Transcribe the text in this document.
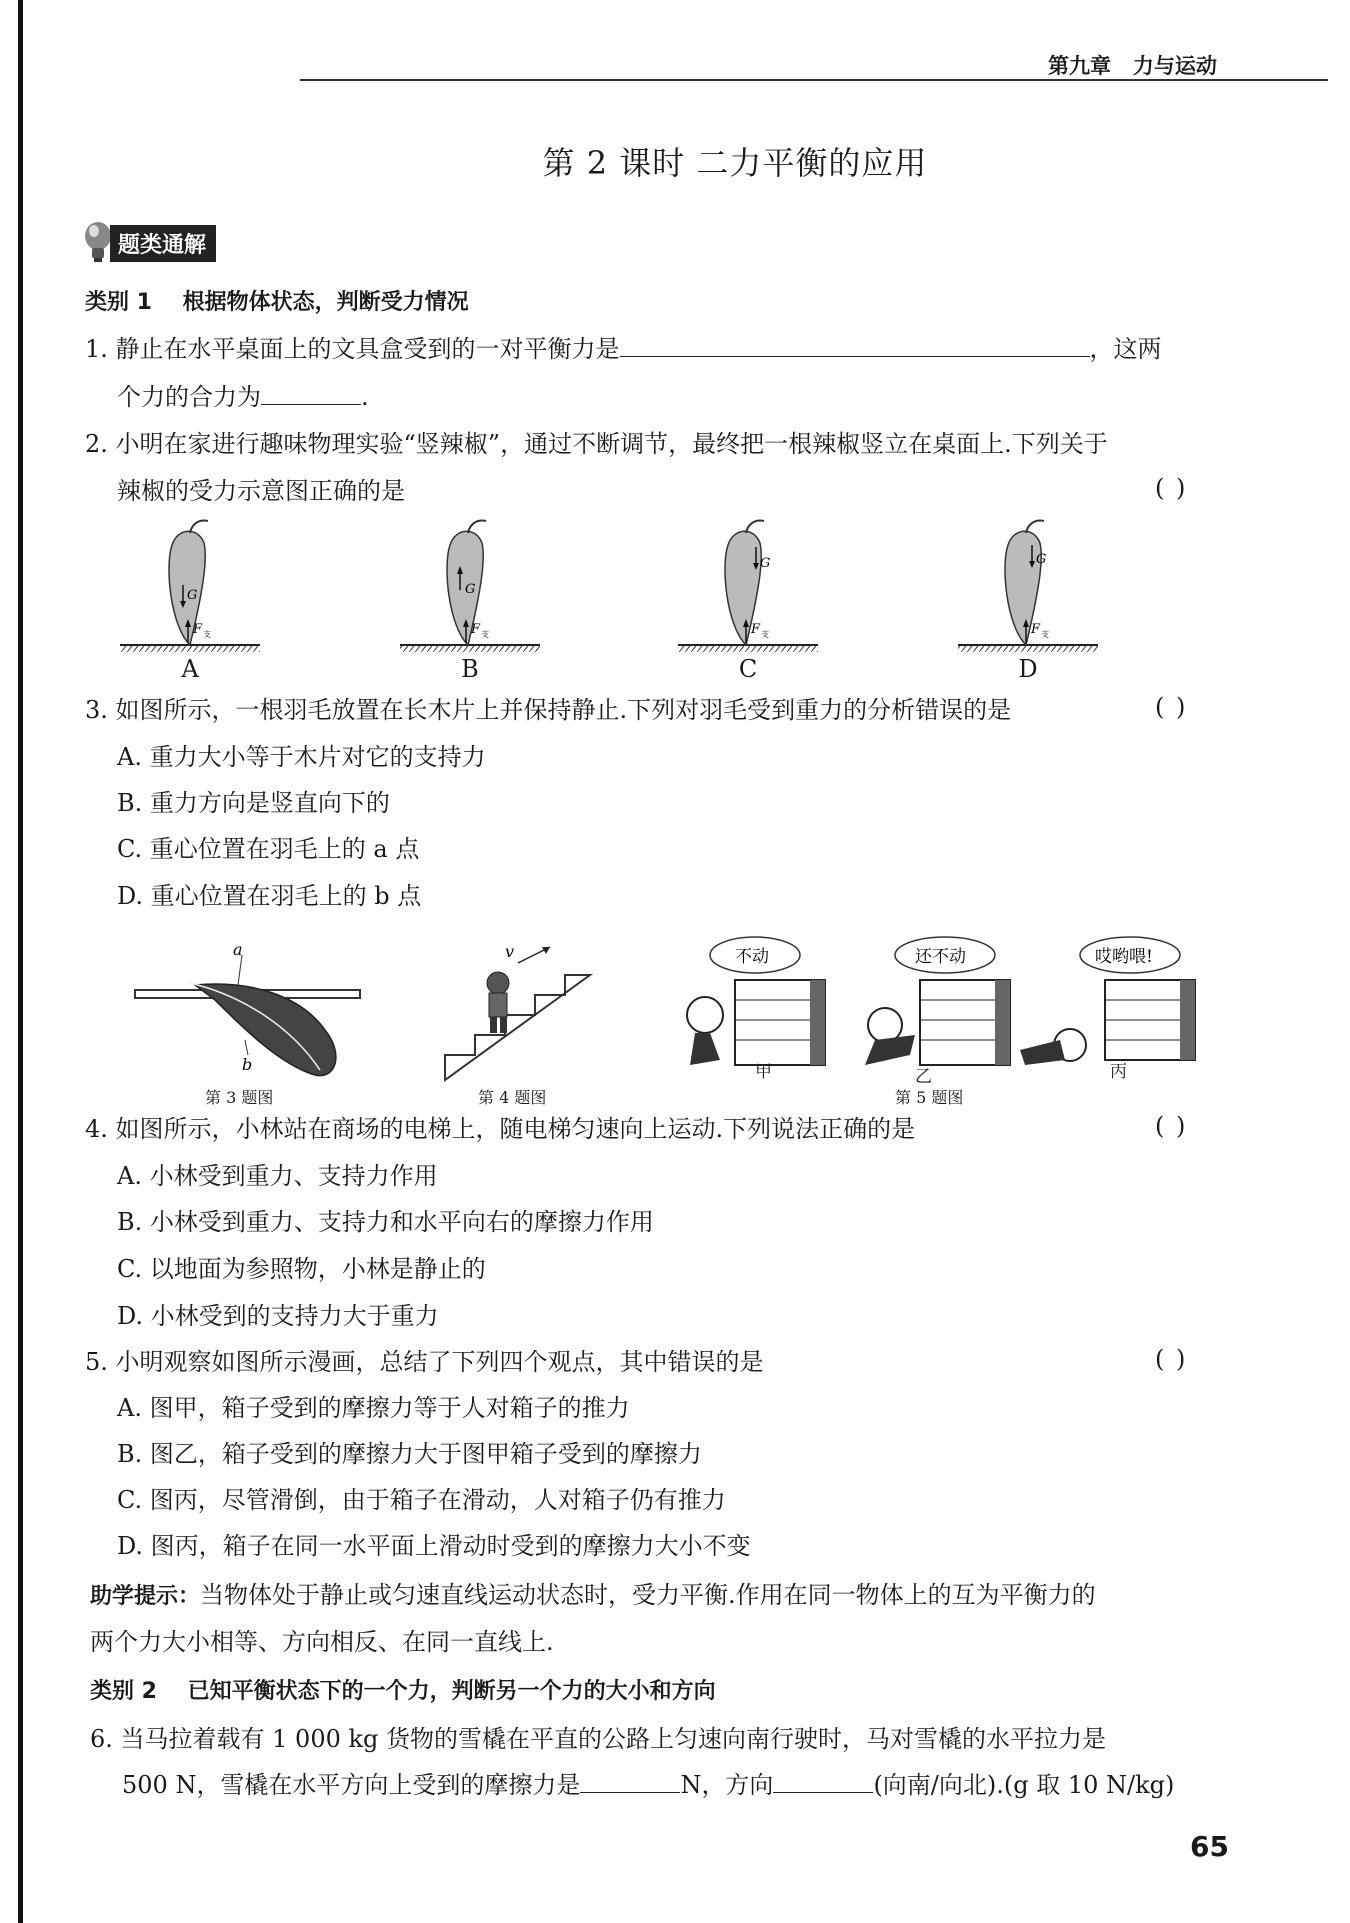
第九章   力与运动
第 2 课时 二力平衡的应用
题类通解
类别 1    根据物体状态，判断受力情况
1. 静止在水平桌面上的文具盒受到的一对平衡力是	，这两
个力的合力为	.
2. 小明在家进行趣味物理实验“竖辣椒”，通过不断调节，最终把一根辣椒竖立在桌面上.下列关于
辣椒的受力示意图正确的是	( )
G
F 支
G
F 支
G
F 支
G
F 支
A	B	C	D
3. 如图所示，一根羽毛放置在长木片上并保持静止.下列对羽毛受到重力的分析错误的是	( )
A. 重力大小等于木片对它的支持力
B. 重力方向是竖直向下的
C. 重心位置在羽毛上的 a 点
D. 重心位置在羽毛上的 b 点
a
b
v	不动	还不动	哎哟喂!
甲	乙	丙
第 3 题图	第 4 题图	第 5 题图
4. 如图所示，小林站在商场的电梯上，随电梯匀速向上运动.下列说法正确的是	( )
A. 小林受到重力、支持力作用
B. 小林受到重力、支持力和水平向右的摩擦力作用
C. 以地面为参照物，小林是静止的
D. 小林受到的支持力大于重力
5. 小明观察如图所示漫画，总结了下列四个观点，其中错误的是	( )
A. 图甲，箱子受到的摩擦力等于人对箱子的推力
B. 图乙，箱子受到的摩擦力大于图甲箱子受到的摩擦力
C. 图丙，尽管滑倒，由于箱子在滑动，人对箱子仍有推力
D. 图丙，箱子在同一水平面上滑动时受到的摩擦力大小不变
助学提示：当物体处于静止或匀速直线运动状态时，受力平衡.作用在同一物体上的互为平衡力的
两个力大小相等、方向相反、在同一直线上.
类别 2    已知平衡状态下的一个力，判断另一个力的大小和方向
6. 当马拉着载有 1 000 kg 货物的雪橇在平直的公路上匀速向南行驶时，马对雪橇的水平拉力是
500 N，雪橇在水平方向上受到的摩擦力是	N，方向	(向南/向北).(g 取 10 N/kg)
65
